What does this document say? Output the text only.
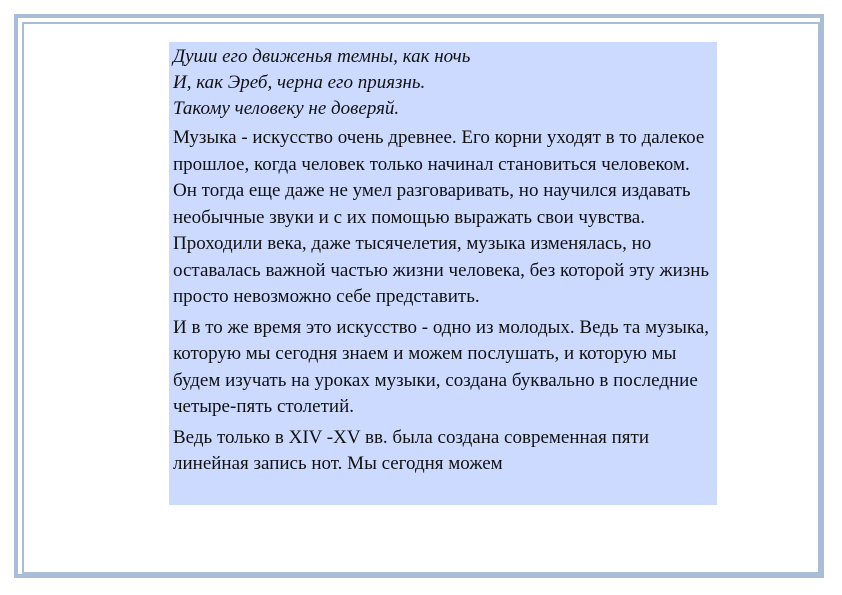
Души его движенья темны, как ночь
И, как Эреб, черна его приязнь.
Такому человеку не доверяй.

Музыка - искусство очень древнее. Его корни уходят в то далекое прошлое, когда человек только начинал становиться человеком. Он тогда еще даже не умел разговаривать, но научился издавать необычные звуки и с их помощью выражать свои чувства. Проходили века, даже тысячелетия, музыка изменялась, но оставалась важной частью жизни человека, без которой эту жизнь просто невозможно себе представить.

И в то же время это искусство - одно из молодых. Ведь та музыка, которую мы сегодня знаем и можем послушать, и которую мы будем изучать на уроках музыки, создана буквально в последние четыре-пять столетий.

Ведь только в XIV -XV вв. была создана современная пяти линейная запись нот. Мы сегодня можем
